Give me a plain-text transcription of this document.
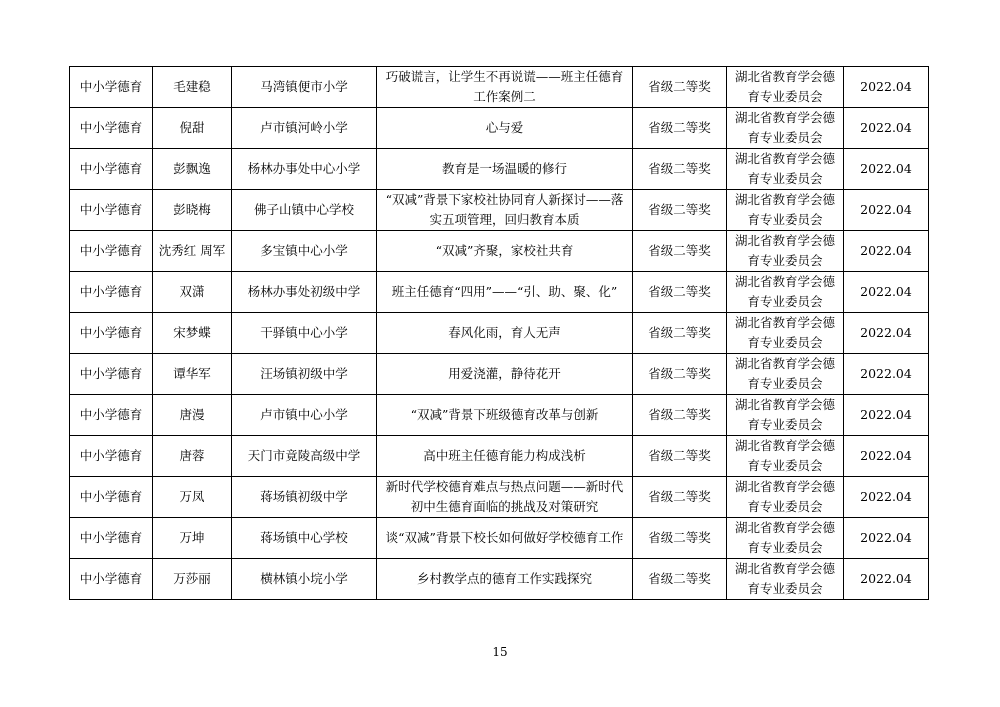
中小学德育	毛建稳	马湾镇便市小学	巧破谎言，让学生不再说谎——班主任德育工作案例二	省级二等奖	湖北省教育学会德育专业委员会	2022.04
中小学德育	倪甜	卢市镇河岭小学	心与爱	省级二等奖	湖北省教育学会德育专业委员会	2022.04
中小学德育	彭飘逸	杨林办事处中心小学	教育是一场温暖的修行	省级二等奖	湖北省教育学会德育专业委员会	2022.04
中小学德育	彭晓梅	佛子山镇中心学校	“双减”背景下家校社协同育人新探讨——落实五项管理，回归教育本质	省级二等奖	湖北省教育学会德育专业委员会	2022.04
中小学德育	沈秀红 周军	多宝镇中心小学	“双减”齐聚，家校社共育	省级二等奖	湖北省教育学会德育专业委员会	2022.04
中小学德育	双潇	杨林办事处初级中学	班主任德育“四用”——“引、助、聚、化”	省级二等奖	湖北省教育学会德育专业委员会	2022.04
中小学德育	宋梦蝶	干驿镇中心小学	春风化雨，育人无声	省级二等奖	湖北省教育学会德育专业委员会	2022.04
中小学德育	谭华军	汪场镇初级中学	用爱浇灌，静待花开	省级二等奖	湖北省教育学会德育专业委员会	2022.04
中小学德育	唐漫	卢市镇中心小学	“双减”背景下班级德育改革与创新	省级二等奖	湖北省教育学会德育专业委员会	2022.04
中小学德育	唐蓉	天门市竟陵高级中学	高中班主任德育能力构成浅析	省级二等奖	湖北省教育学会德育专业委员会	2022.04
中小学德育	万凤	蒋场镇初级中学	新时代学校德育难点与热点问题——新时代初中生德育面临的挑战及对策研究	省级二等奖	湖北省教育学会德育专业委员会	2022.04
中小学德育	万坤	蒋场镇中心学校	谈“双减”背景下校长如何做好学校德育工作	省级二等奖	湖北省教育学会德育专业委员会	2022.04
中小学德育	万莎丽	横林镇小垸小学	乡村教学点的德育工作实践探究	省级二等奖	湖北省教育学会德育专业委员会	2022.04
15
